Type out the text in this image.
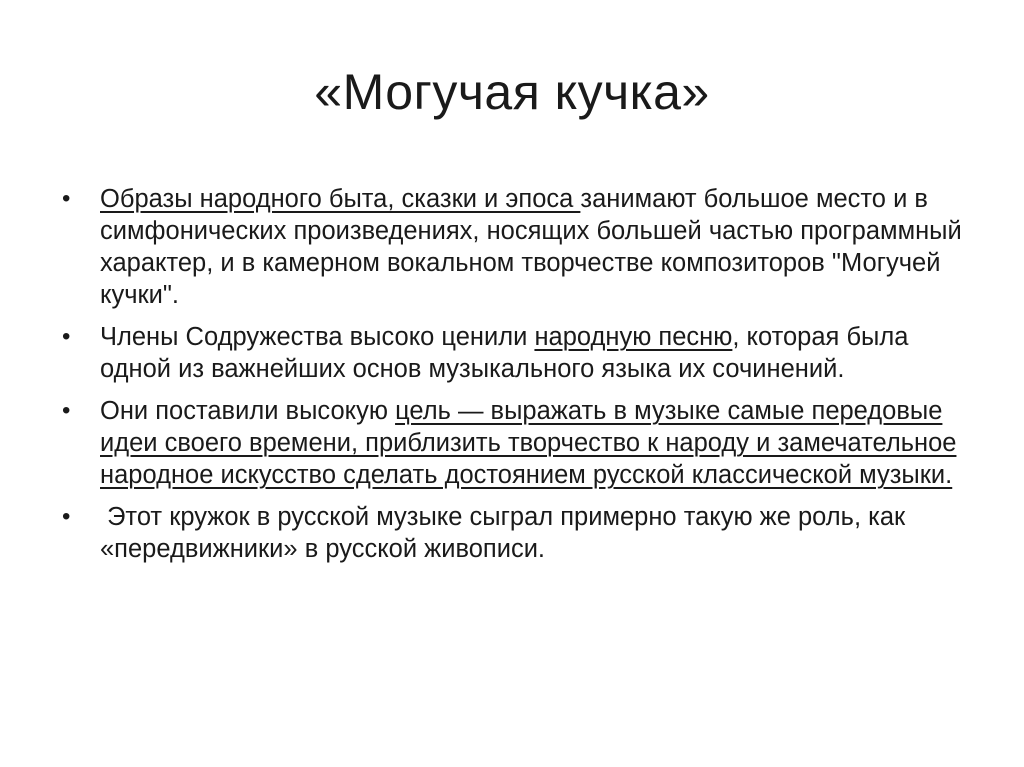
«Могучая кучка»
•	Образы народного быта, сказки и эпоса занимают большое место и в симфонических произведениях, носящих большей частью программный характер, и в камерном вокальном творчестве композиторов "Могучей кучки".
•	Члены Содружества высоко ценили народную песню, которая была одной из важнейших основ музыкального языка их сочинений.
•	Они поставили высокую цель — выражать в музыке самые передовые идеи своего времени, приблизить творчество к народу и замечательное народное искусство сделать достоянием русской классической музыки.
•	Этот кружок в русской музыке сыграл примерно такую же роль, как «передвижники» в русской живописи.
